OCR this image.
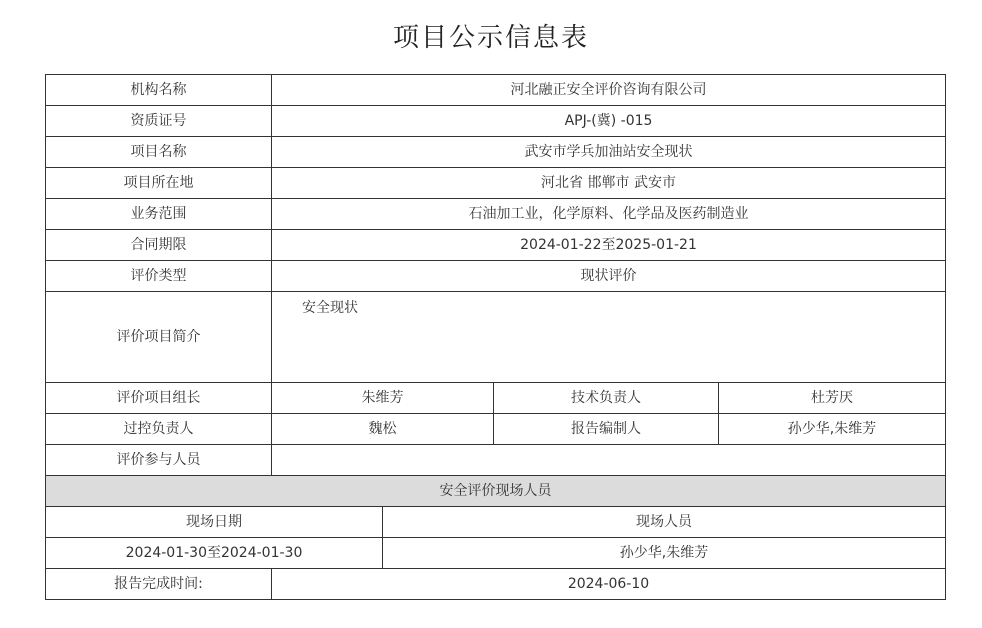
项目公示信息表
机构名称	河北融正安全评价咨询有限公司			
资质证号	APJ-(冀) -015			
项目名称	武安市学兵加油站安全现状			
项目所在地	河北省 邯郸市 武安市			
业务范围	石油加工业，化学原料、化学品及医药制造业			
合同期限	2024-01-22至2025-01-21			
评价类型	现状评价			
评价项目简介	安全现状			
评价项目组长	朱维芳		技术负责人	杜芳厌
过控负责人	魏松		报告编制人	孙少华,朱维芳
评价参与人员				
安全评价现场人员				
现场日期		现场人员		
2024-01-30至2024-01-30		孙少华,朱维芳		
报告完成时间:	2024-06-10			
